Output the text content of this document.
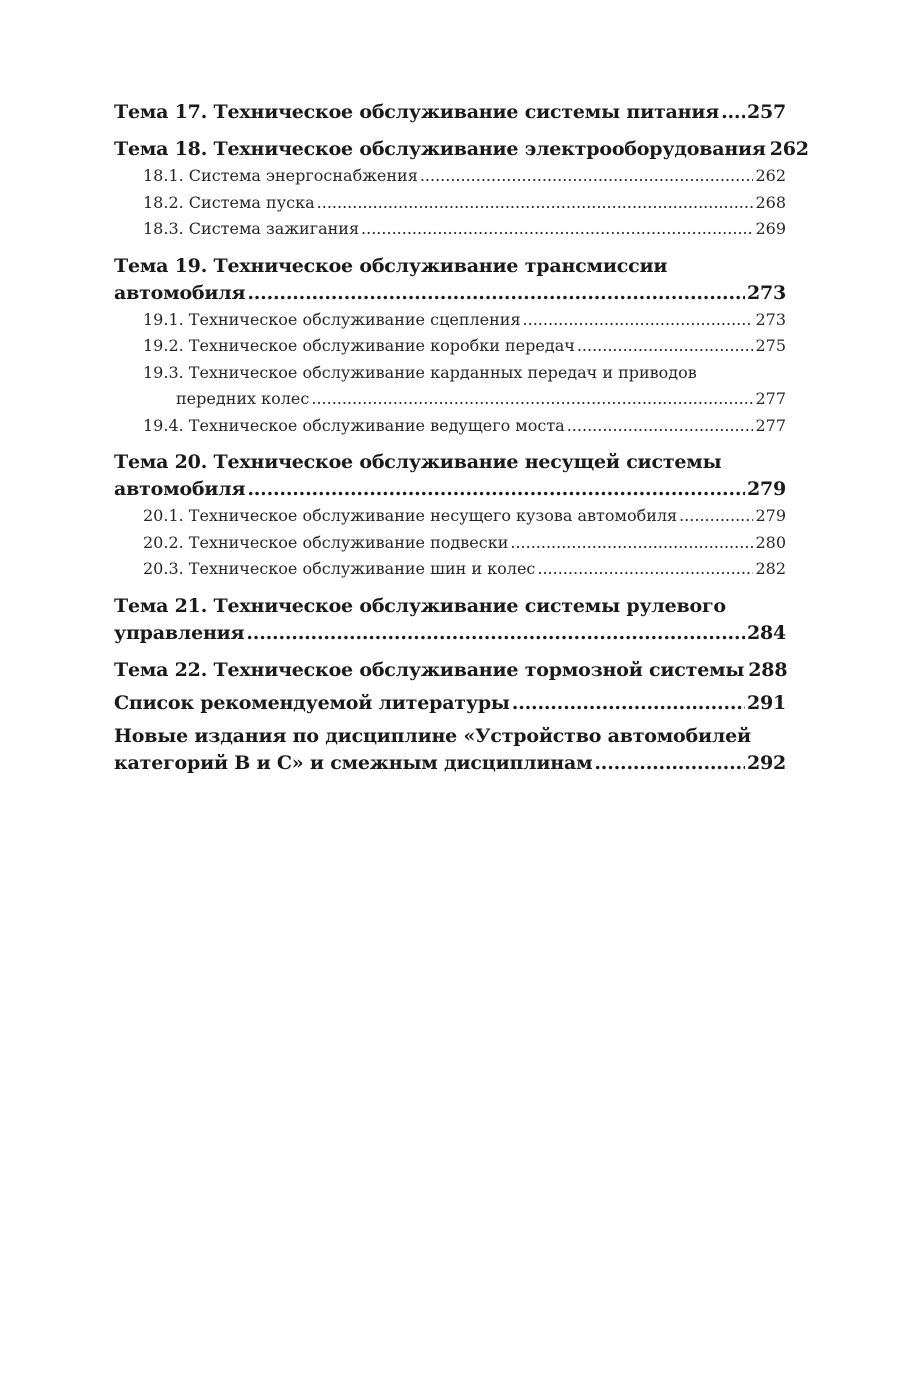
Тема 17. Техническое обслуживание системы питания ..... 257
Тема 18. Техническое обслуживание электрооборудования 262
18.1. Система энергоснабжения .....	262
18.2. Система пуска .....	268
18.3. Система зажигания .....	269
Тема 19. Техническое обслуживание трансмиссии
автомобиля .....	273
19.1. Техническое обслуживание сцепления .....	273
19.2. Техническое обслуживание коробки передач .....	275
19.3. Техническое обслуживание карданных передач и приводов
передних колес .....	277
19.4. Техническое обслуживание ведущего моста .....	277
Тема 20. Техническое обслуживание несущей системы
автомобиля .....	279
20.1. Техническое обслуживание несущего кузова автомобиля .....	279
20.2. Техническое обслуживание подвески .....	280
20.3. Техническое обслуживание шин и колес .....	282
Тема 21. Техническое обслуживание системы рулевого
управления .....	284
Тема 22. Техническое обслуживание тормозной системы 288
Список рекомендуемой литературы .....	291
Новые издания по дисциплине «Устройство автомобилей
категорий B и C» и смежным дисциплинам .....	292
